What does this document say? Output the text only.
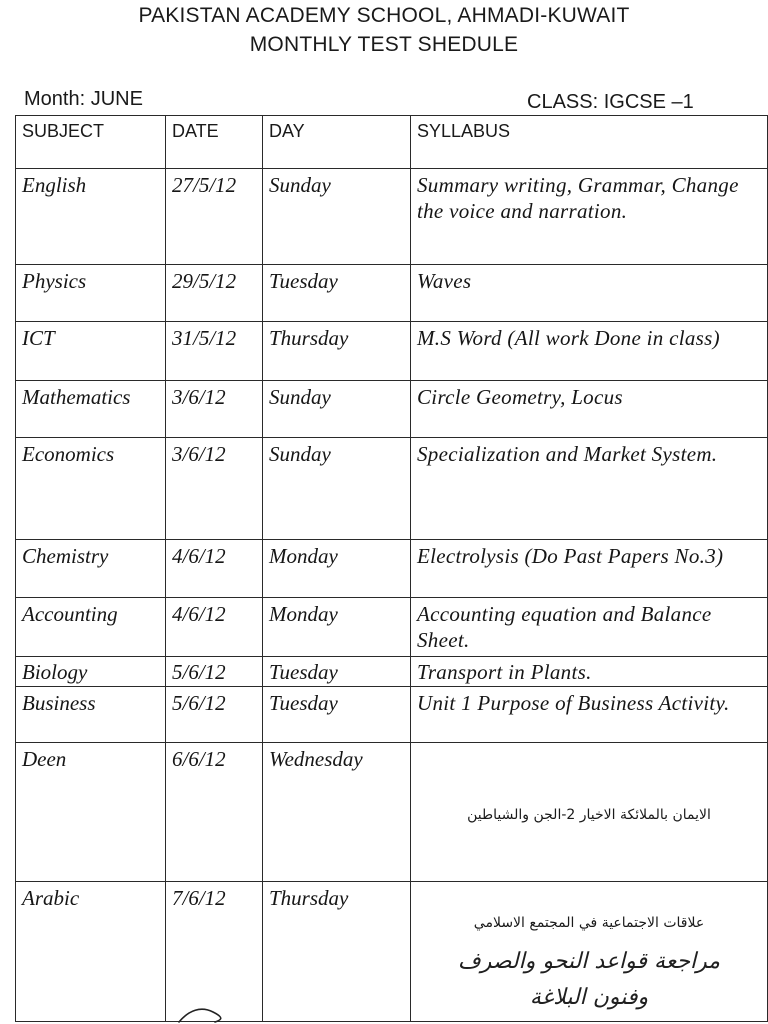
PAKISTAN ACADEMY SCHOOL, AHMADI-KUWAIT
MONTHLY TEST SHEDULE
Month: JUNE	CLASS: IGCSE –1
SUBJECT	DATE	DAY	SYLLABUS
English	27/5/12	Sunday	Summary writing, Grammar, Change the voice and narration.
Physics	29/5/12	Tuesday	Waves
ICT	31/5/12	Thursday	M.S Word (All work Done in class)
Mathematics	3/6/12	Sunday	Circle Geometry, Locus
Economics	3/6/12	Sunday	Specialization and Market System.
Chemistry	4/6/12	Monday	Electrolysis (Do Past Papers No.3)
Accounting	4/6/12	Monday	Accounting equation and Balance Sheet.
Biology	5/6/12	Tuesday	Transport in Plants.
Business	5/6/12	Tuesday	Unit 1 Purpose of Business Activity.
Deen	6/6/12	Wednesday	الايمان بالملائكة الاخيار 2-الجن والشياطين

Arabic	7/6/12	Thursday	علاقات الاجتماعية في المجتمع الاسلامي
مراجعة قواعد النحو والصرف
وفنون البلاغة
